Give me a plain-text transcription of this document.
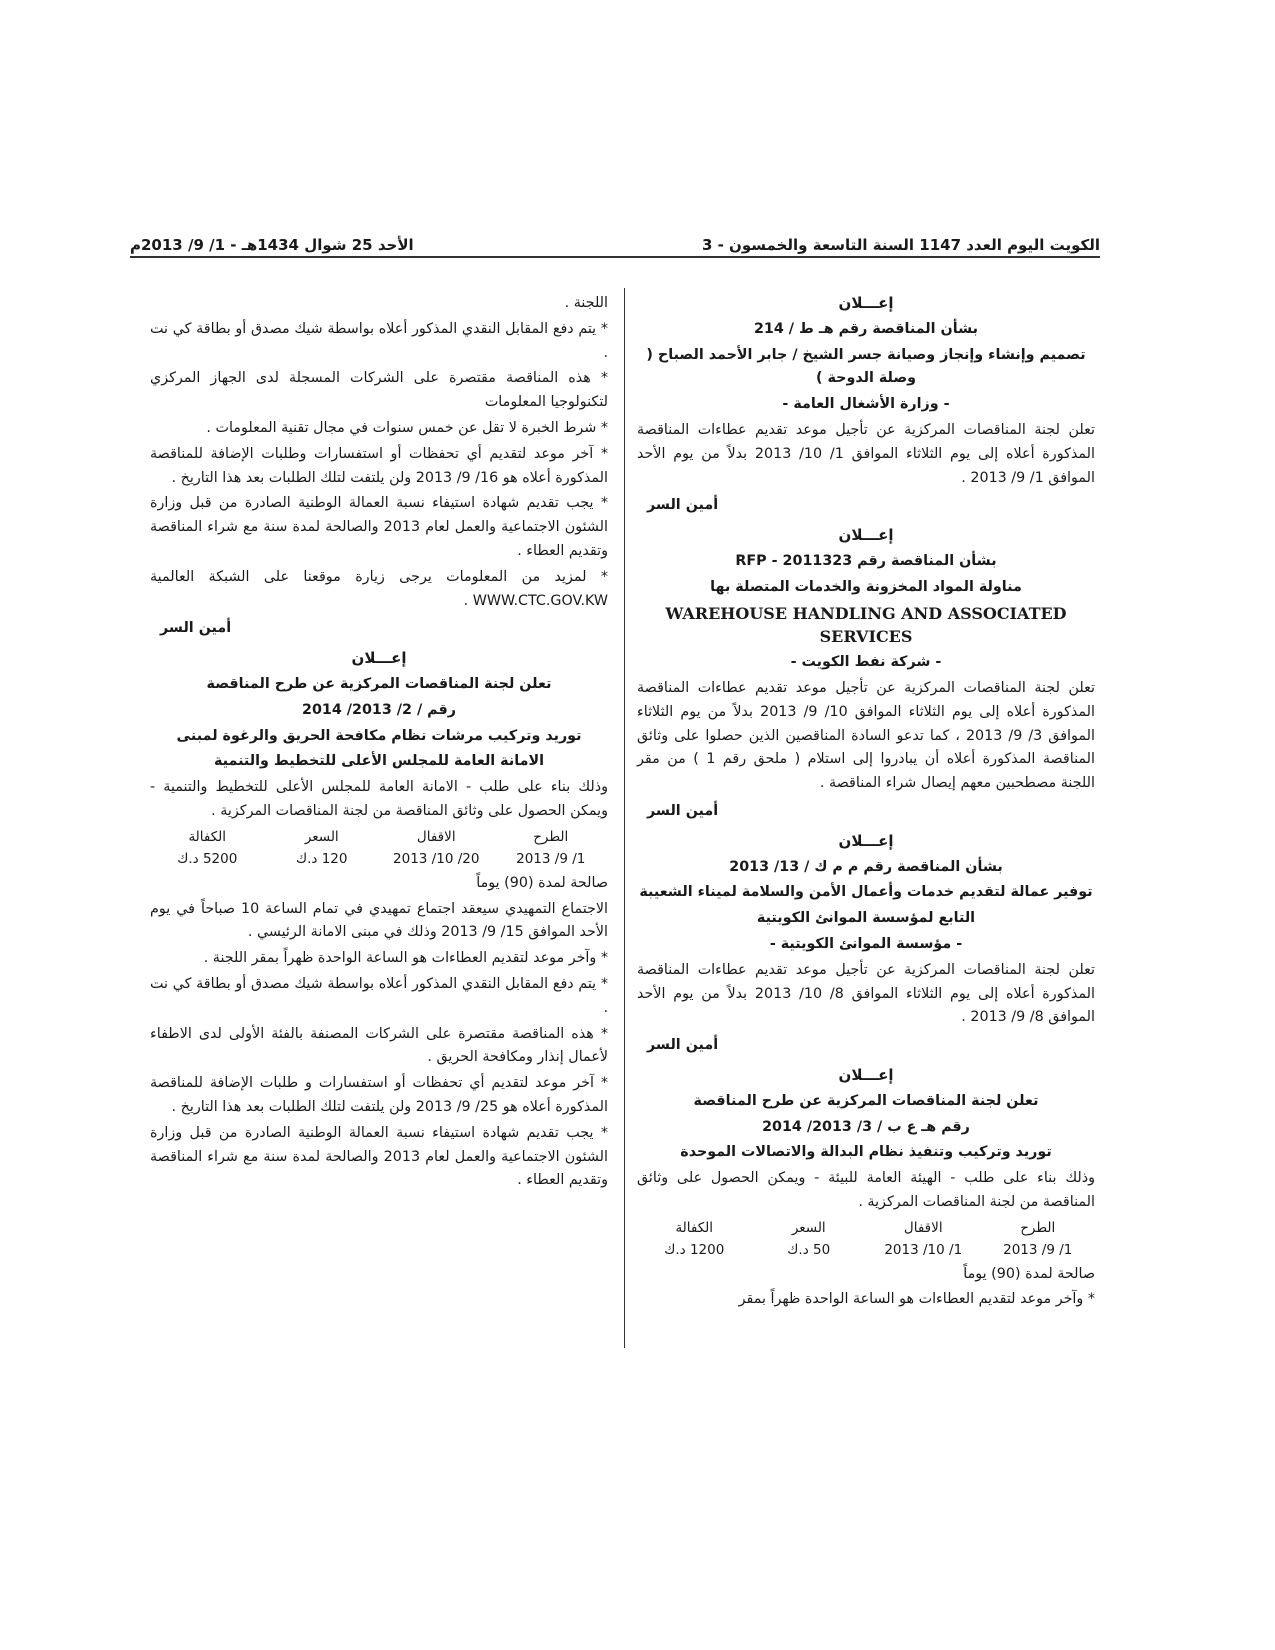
الكويت اليوم العدد 1147 السنة التاسعة والخمسون - 3
الأحد 25 شوال 1434هـ - 1/ 9/ 2013م

إعـــلان

بشأن المناقصة رقم هـ ط / 214

تصميم وإنشاء وإنجاز وصيانة جسر الشيخ / جابر الأحمد الصباح ( وصلة الدوحة )

- وزارة الأشغال العامة -

تعلن لجنة المناقصات المركزية عن تأجيل موعد تقديم عطاءات المناقصة المذكورة أعلاه إلى يوم الثلاثاء الموافق 1/ 10/ 2013 بدلاً من يوم الأحد الموافق 1/ 9/ 2013 .

أمين السر

إعـــلان

بشأن المناقصة رقم RFP - 2011323

مناولة المواد المخزونة والخدمات المتصلة بها

WAREHOUSE HANDLING AND ASSOCIATED SERVICES

- شركة نفط الكويت -

تعلن لجنة المناقصات المركزية عن تأجيل موعد تقديم عطاءات المناقصة المذكورة أعلاه إلى يوم الثلاثاء الموافق 10/ 9/ 2013 بدلاً من يوم الثلاثاء الموافق 3/ 9/ 2013 ، كما تدعو السادة المناقصين الذين حصلوا على وثائق المناقصة المذكورة أعلاه أن يبادروا إلى استلام ( ملحق رقم 1 ) من مقر اللجنة مصطحبين معهم إيصال شراء المناقصة .

أمين السر

إعـــلان

بشأن المناقصة رقم م م ك / 13/ 2013

توفير عمالة لتقديم خدمات وأعمال الأمن والسلامة لميناء الشعيبة

التابع لمؤسسة الموانئ الكويتية

- مؤسسة الموانئ الكويتية -

تعلن لجنة المناقصات المركزية عن تأجيل موعد تقديم عطاءات المناقصة المذكورة أعلاه إلى يوم الثلاثاء الموافق 8/ 10/ 2013 بدلاً من يوم الأحد الموافق 8/ 9/ 2013 .

أمين السر

إعـــلان

تعلن لجنة المناقصات المركزية عن طرح المناقصة

رقم هـ ع ب / 3/ 2013/ 2014

توريد وتركيب وتنفيذ نظام البدالة والاتصالات الموحدة

وذلك بناء على طلب - الهيئة العامة للبيئة - ويمكن الحصول على وثائق المناقصة من لجنة المناقصات المركزية .

الطرح
الاقفال
السعر
الكفالة
1/ 9/ 2013
1/ 10/ 2013
50 د.ك
1200 د.ك

صالحة لمدة (90) يوماً

* وآخر موعد لتقديم العطاءات هو الساعة الواحدة ظهراً بمقر

اللجنة .

* يتم دفع المقابل النقدي المذكور أعلاه بواسطة شيك مصدق أو بطاقة كي نت .

* هذه المناقصة مقتصرة على الشركات المسجلة لدى الجهاز المركزي لتكنولوجيا المعلومات

* شرط الخبرة لا تقل عن خمس سنوات في مجال تقنية المعلومات .

* آخر موعد لتقديم أي تحفظات أو استفسارات وطلبات الإضافة للمناقصة المذكورة أعلاه هو 16/ 9/ 2013 ولن يلتفت لتلك الطلبات بعد هذا التاريخ .

* يجب تقديم شهادة استيفاء نسبة العمالة الوطنية الصادرة من قبل وزارة الشئون الاجتماعية والعمل لعام 2013 والصالحة لمدة سنة مع شراء المناقصة وتقديم العطاء .

* لمزيد من المعلومات يرجى زيارة موقعنا على الشبكة العالمية WWW.CTC.GOV.KW .

أمين السر

إعـــلان

تعلن لجنة المناقصات المركزية عن طرح المناقصة

رقم / 2/ 2013/ 2014

توريد وتركيب مرشات نظام مكافحة الحريق والرغوة لمبنى

الامانة العامة للمجلس الأعلى للتخطيط والتنمية

وذلك بناء على طلب - الامانة العامة للمجلس الأعلى للتخطيط والتنمية - ويمكن الحصول على وثائق المناقصة من لجنة المناقصات المركزية .

الطرح
الاقفال
السعر
الكفالة
1/ 9/ 2013
20/ 10/ 2013
120 د.ك
5200 د.ك

صالحة لمدة (90) يوماً

الاجتماع التمهيدي سيعقد اجتماع تمهيدي في تمام الساعة 10 صباحاً في يوم الأحد الموافق 15/ 9/ 2013 وذلك في مبنى الامانة الرئيسي .

* وآخر موعد لتقديم العطاءات هو الساعة الواحدة ظهراً بمقر اللجنة .

* يتم دفع المقابل النقدي المذكور أعلاه بواسطة شيك مصدق أو بطاقة كي نت .

* هذه المناقصة مقتصرة على الشركات المصنفة بالفئة الأولى لدى الاطفاء لأعمال إنذار ومكافحة الحريق .

* آخر موعد لتقديم أي تحفظات أو استفسارات و طلبات الإضافة للمناقصة المذكورة أعلاه هو 25/ 9/ 2013 ولن يلتفت لتلك الطلبات بعد هذا التاريخ .

* يجب تقديم شهادة استيفاء نسبة العمالة الوطنية الصادرة من قبل وزارة الشئون الاجتماعية والعمل لعام 2013 والصالحة لمدة سنة مع شراء المناقصة وتقديم العطاء .
